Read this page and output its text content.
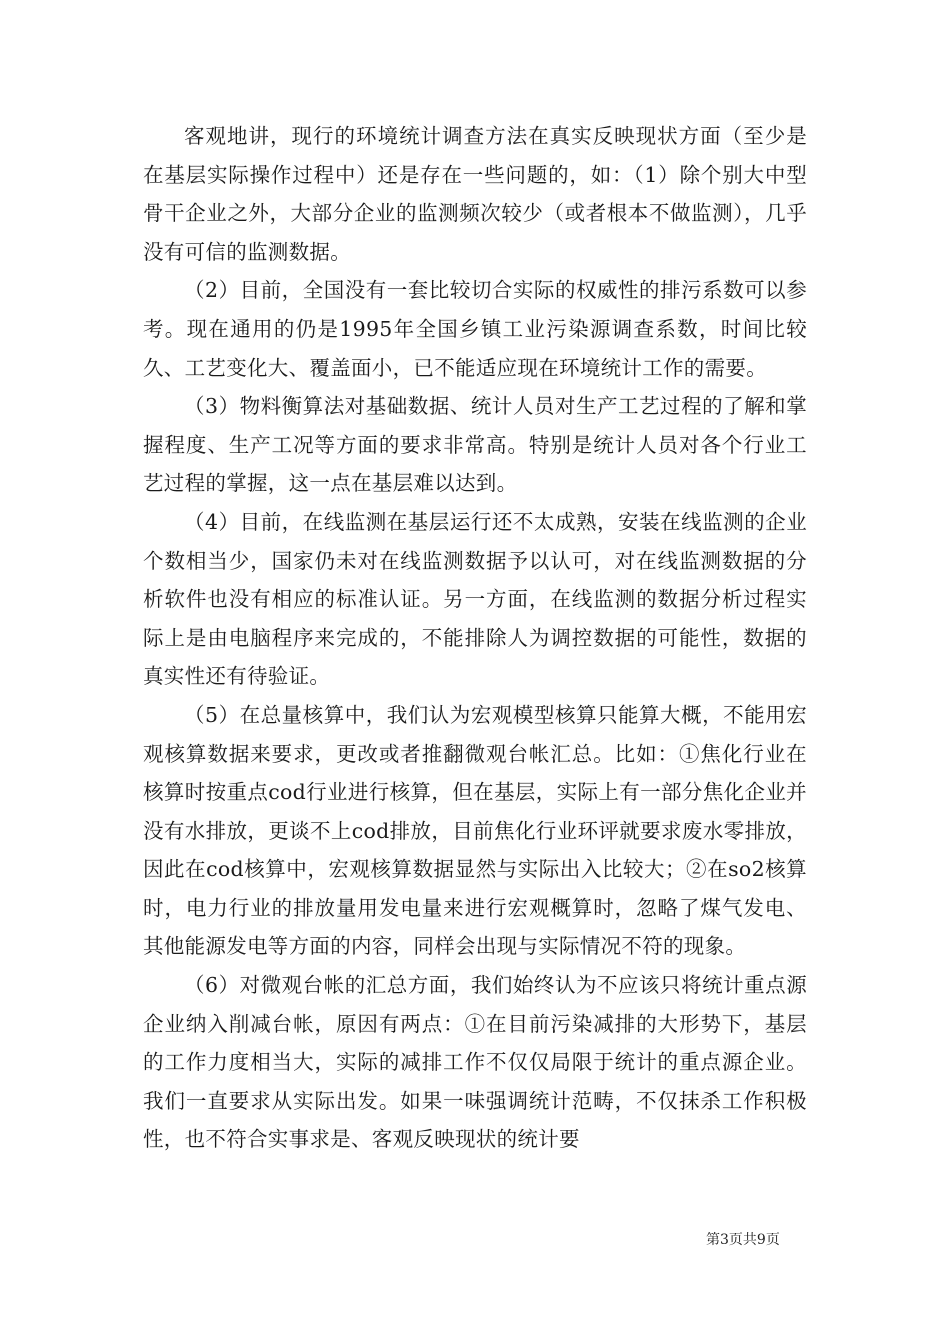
客观地讲，现行的环境统计调查方法在真实反映现状方面（至少是在基层实际操作过程中）还是存在一些问题的，如：（1）除个别大中型骨干企业之外，大部分企业的监测频次较少（或者根本不做监测），几乎没有可信的监测数据。

（2）目前，全国没有一套比较切合实际的权威性的排污系数可以参考。现在通用的仍是1995年全国乡镇工业污染源调查系数，时间比较久、工艺变化大、覆盖面小，已不能适应现在环境统计工作的需要。

（3）物料衡算法对基础数据、统计人员对生产工艺过程的了解和掌握程度、生产工况等方面的要求非常高。特别是统计人员对各个行业工艺过程的掌握，这一点在基层难以达到。

（4）目前，在线监测在基层运行还不太成熟，安装在线监测的企业个数相当少，国家仍未对在线监测数据予以认可，对在线监测数据的分析软件也没有相应的标准认证。另一方面，在线监测的数据分析过程实际上是由电脑程序来完成的，不能排除人为调控数据的可能性，数据的真实性还有待验证。

（5）在总量核算中，我们认为宏观模型核算只能算大概，不能用宏观核算数据来要求，更改或者推翻微观台帐汇总。比如：①焦化行业在核算时按重点cod行业进行核算，但在基层，实际上有一部分焦化企业并没有水排放，更谈不上cod排放，目前焦化行业环评就要求废水零排放，因此在cod核算中，宏观核算数据显然与实际出入比较大；②在so2核算时，电力行业的排放量用发电量来进行宏观概算时，忽略了煤气发电、其他能源发电等方面的内容，同样会出现与实际情况不符的现象。

（6）对微观台帐的汇总方面，我们始终认为不应该只将统计重点源企业纳入削减台帐，原因有两点：①在目前污染减排的大形势下，基层的工作力度相当大，实际的减排工作不仅仅局限于统计的重点源企业。我们一直要求从实际出发。如果一味强调统计范畴，不仅抹杀工作积极性，也不符合实事求是、客观反映现状的统计要

第3页共9页
